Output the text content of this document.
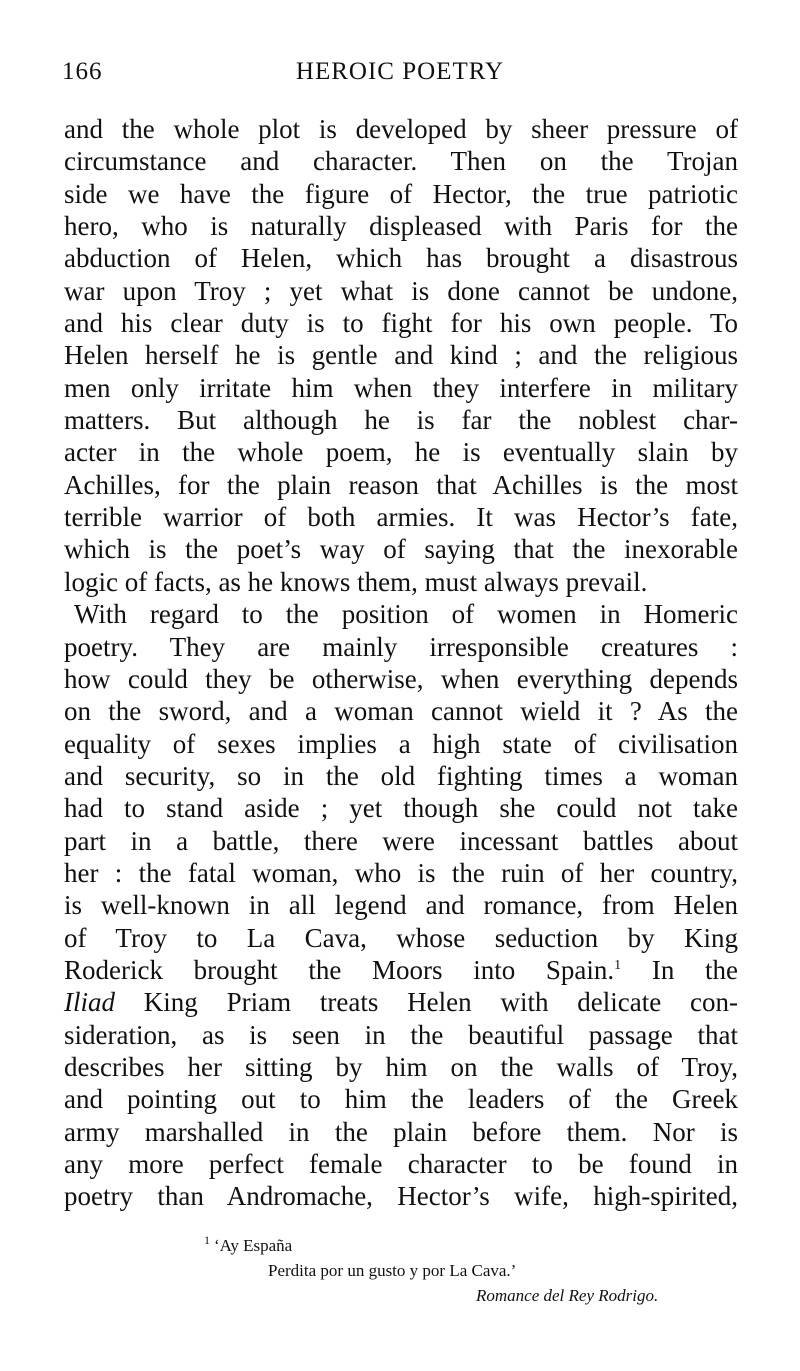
166	HEROIC POETRY
and the whole plot is developed by sheer pressure of
circumstance and character. Then on the Trojan
side we have the figure of Hector, the true patriotic
hero, who is naturally displeased with Paris for the
abduction of Helen, which has brought a disastrous
war upon Troy ; yet what is done cannot be undone,
and his clear duty is to fight for his own people. To
Helen herself he is gentle and kind ; and the religious
men only irritate him when they interfere in military
matters. But although he is far the noblest char-
acter in the whole poem, he is eventually slain by
Achilles, for the plain reason that Achilles is the most
terrible warrior of both armies. It was Hector’s fate,
which is the poet’s way of saying that the inexorable
logic of facts, as he knows them, must always prevail.
With regard to the position of women in Homeric
poetry. They are mainly irresponsible creatures :
how could they be otherwise, when everything depends
on the sword, and a woman cannot wield it ? As the
equality of sexes implies a high state of civilisation
and security, so in the old fighting times a woman
had to stand aside ; yet though she could not take
part in a battle, there were incessant battles about
her : the fatal woman, who is the ruin of her country,
is well-known in all legend and romance, from Helen
of Troy to La Cava, whose seduction by King
Roderick brought the Moors into Spain.$^1$ In the
Iliad King Priam treats Helen with delicate con-
sideration, as is seen in the beautiful passage that
describes her sitting by him on the walls of Troy,
and pointing out to him the leaders of the Greek
army marshalled in the plain before them. Nor is
any more perfect female character to be found in
poetry than Andromache, Hector’s wife, high-spirited,
$^1$ ‘Ay España
Perdita por un gusto y por La Cava.’
Romance del Rey Rodrigo.
